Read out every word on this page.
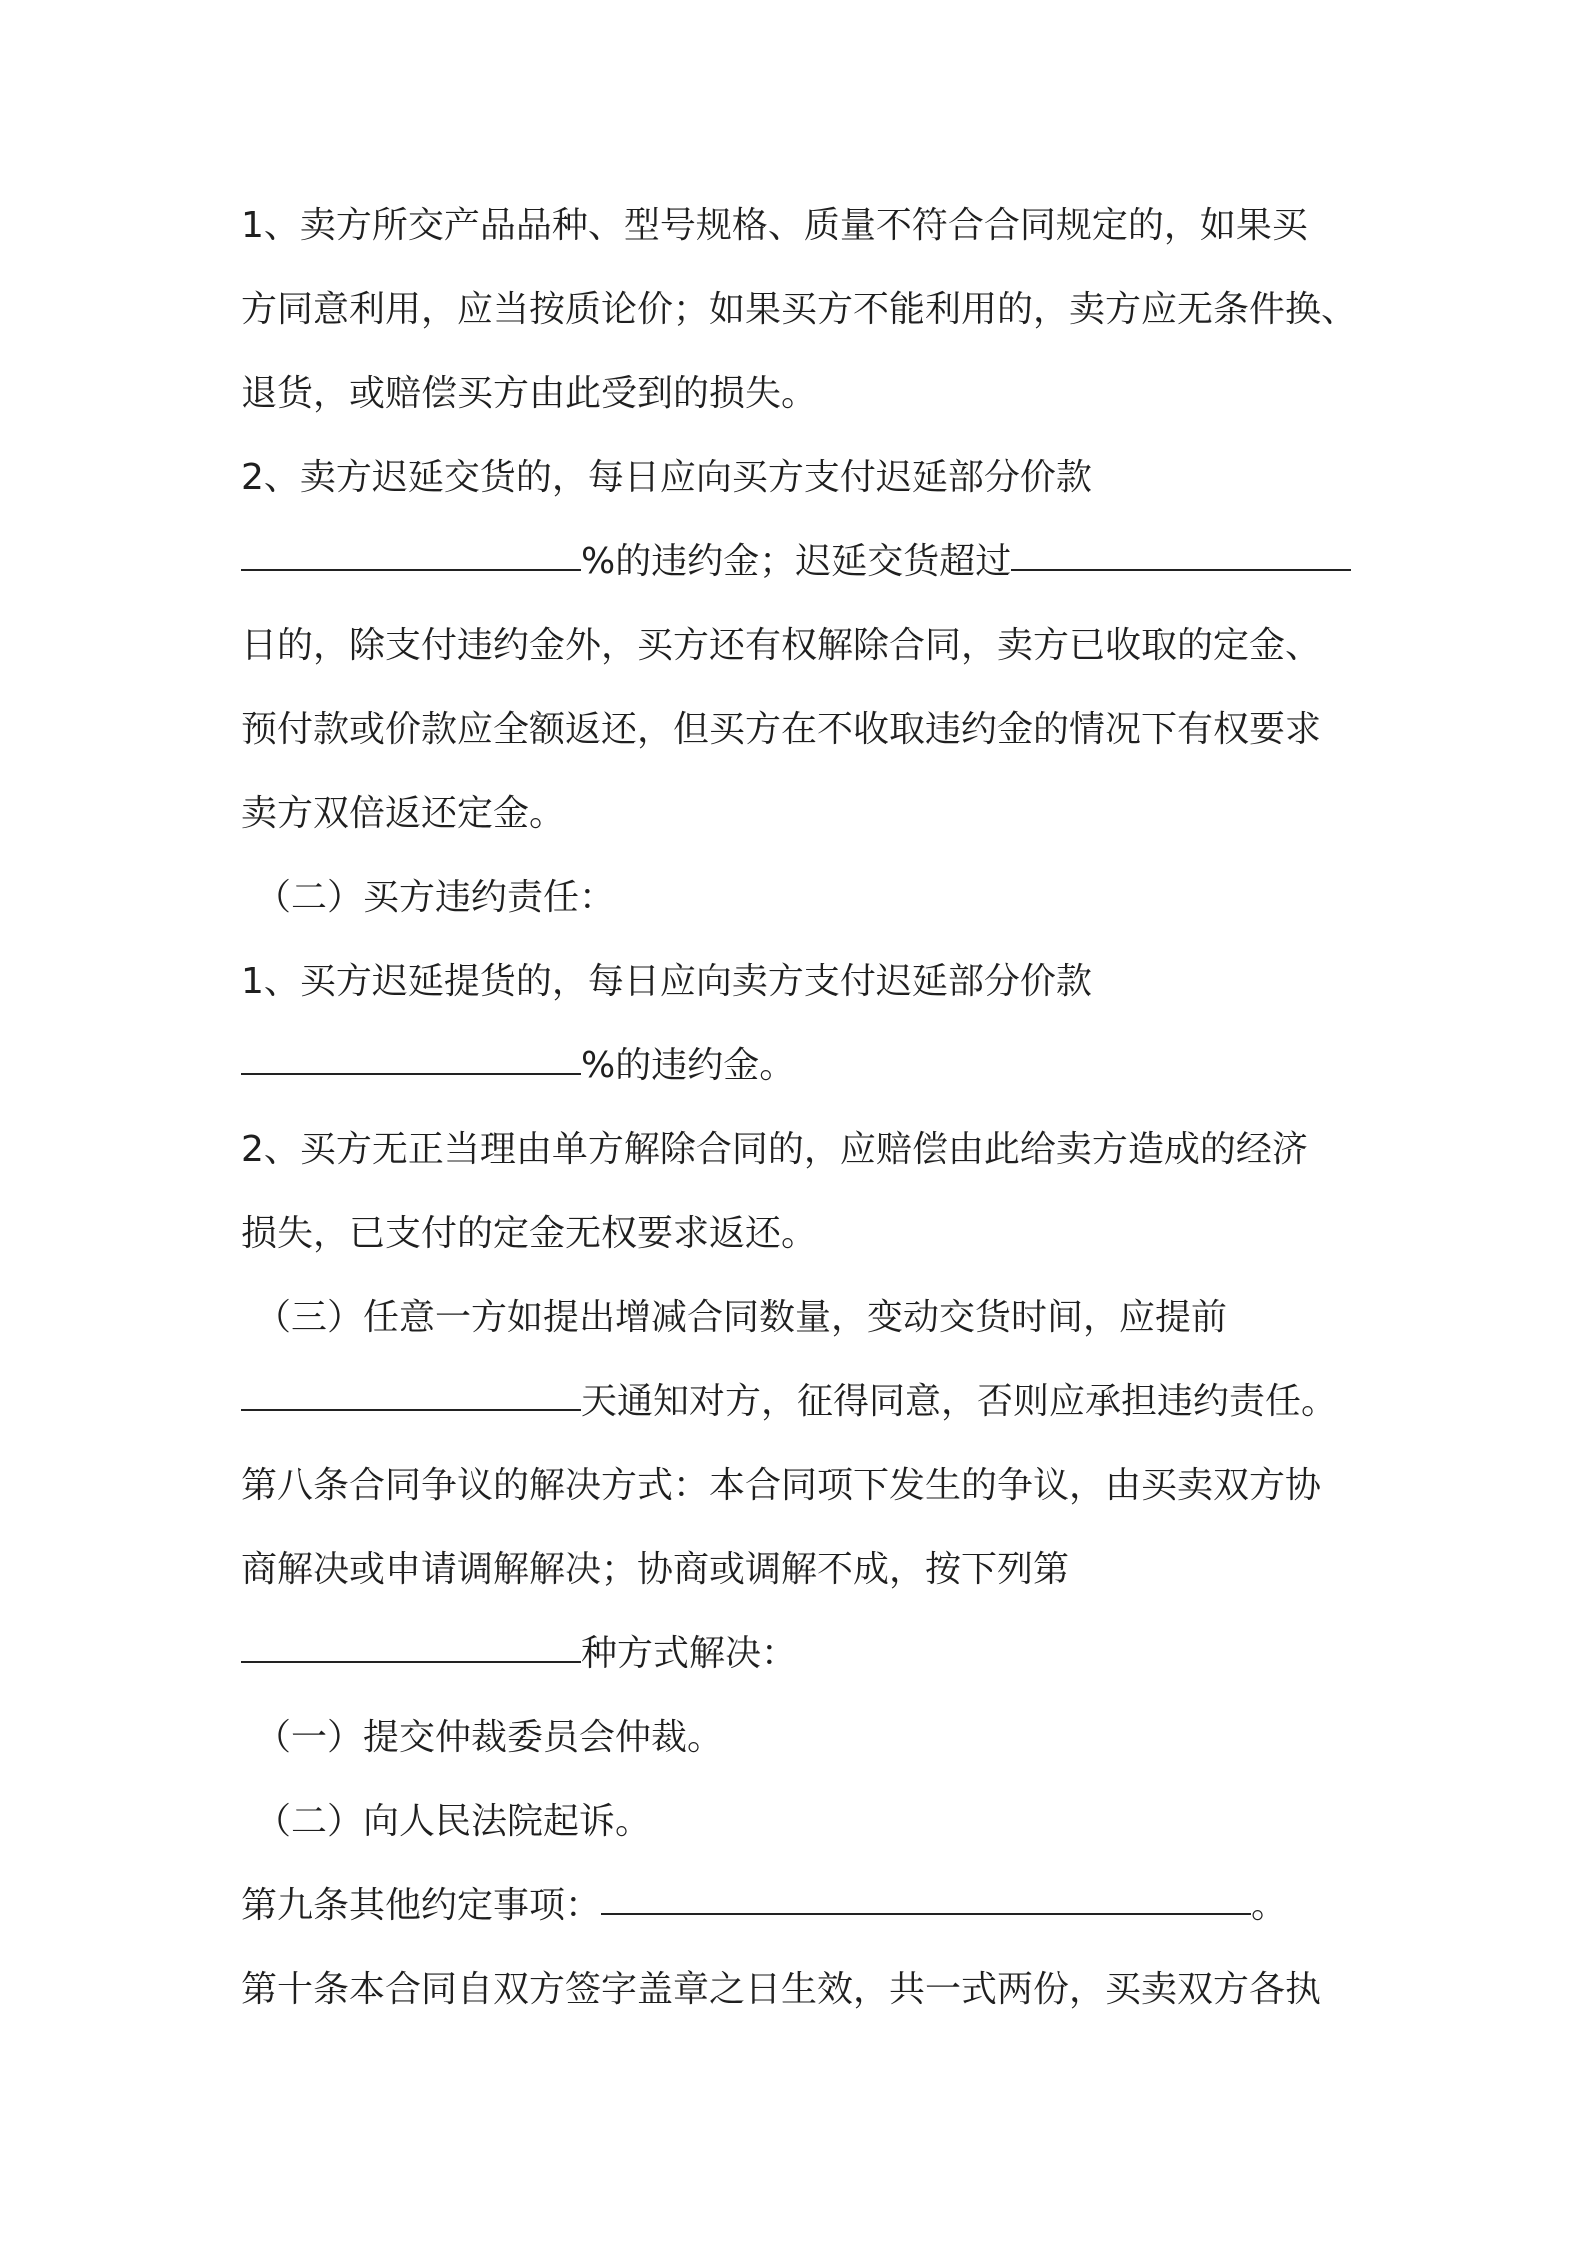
1、卖方所交产品品种、型号规格、质量不符合合同规定的，如果买
方同意利用，应当按质论价；如果买方不能利用的，卖方应无条件换、
退货，或赔偿买方由此受到的损失。
2、卖方迟延交货的，每日应向买方支付迟延部分价款
%的违约金；迟延交货超过
日的，除支付违约金外，买方还有权解除合同，卖方已收取的定金、
预付款或价款应全额返还，但买方在不收取违约金的情况下有权要求
卖方双倍返还定金。
（二）买方违约责任：
1、买方迟延提货的，每日应向卖方支付迟延部分价款
%的违约金。
2、买方无正当理由单方解除合同的，应赔偿由此给卖方造成的经济
损失，已支付的定金无权要求返还。
（三）任意一方如提出增减合同数量，变动交货时间，应提前
天通知对方，征得同意，否则应承担违约责任。
第八条合同争议的解决方式：本合同项下发生的争议，由买卖双方协
商解决或申请调解解决；协商或调解不成，按下列第
种方式解决：
（一）提交仲裁委员会仲裁。
（二）向人民法院起诉。
第九条其他约定事项：	。
第十条本合同自双方签字盖章之日生效，共一式两份，买卖双方各执
